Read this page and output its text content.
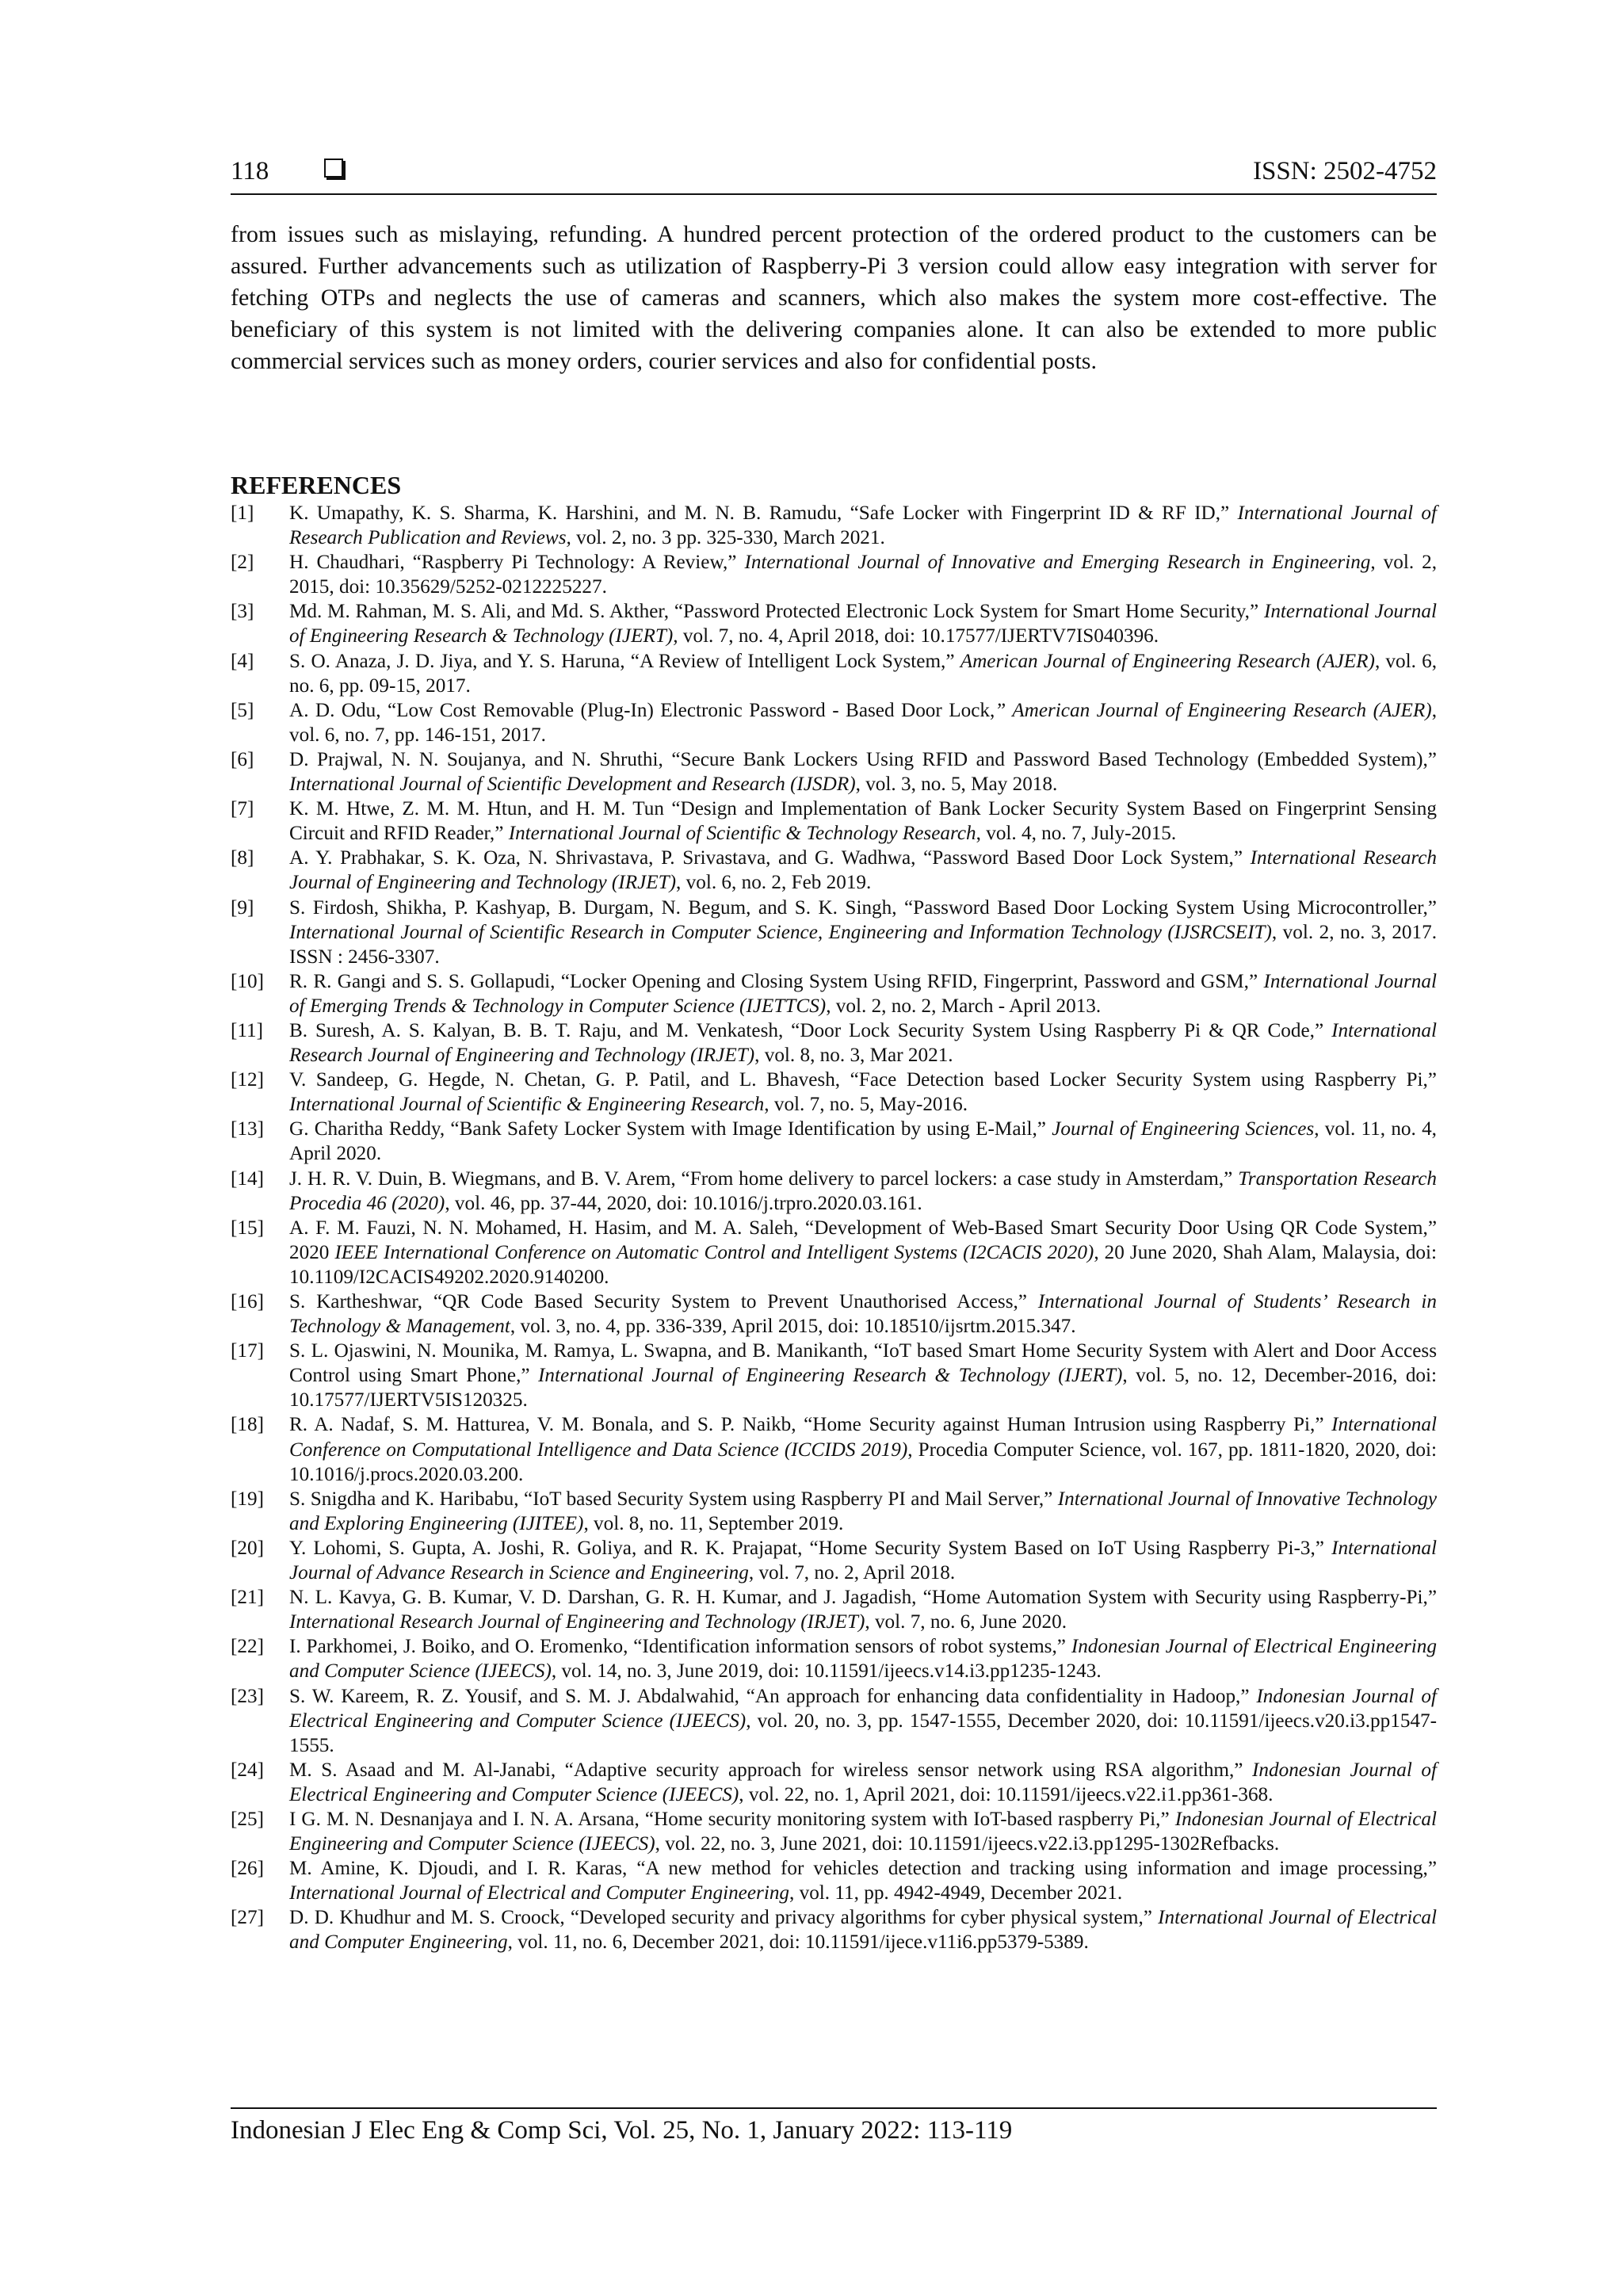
118	ISSN: 2502-4752

from issues such as mislaying, refunding. A hundred percent protection of the ordered product to the customers can be assured. Further advancements such as utilization of Raspberry-Pi 3 version could allow easy integration with server for fetching OTPs and neglects the use of cameras and scanners, which also makes the system more cost-effective. The beneficiary of this system is not limited with the delivering companies alone. It can also be extended to more public commercial services such as money orders, courier services and also for confidential posts.

REFERENCES
[1] K. Umapathy, K. S. Sharma, K. Harshini, and M. N. B. Ramudu, “Safe Locker with Fingerprint ID & RF ID,” International Journal of Research Publication and Reviews, vol. 2, no. 3 pp. 325-330, March 2021.
[2] H. Chaudhari, “Raspberry Pi Technology: A Review,” International Journal of Innovative and Emerging Research in Engineering, vol. 2, 2015, doi: 10.35629/5252-0212225227.
[3] Md. M. Rahman, M. S. Ali, and Md. S. Akther, “Password Protected Electronic Lock System for Smart Home Security,” International Journal of Engineering Research & Technology (IJERT), vol. 7, no. 4, April 2018, doi: 10.17577/IJERTV7IS040396.
[4] S. O. Anaza, J. D. Jiya, and Y. S. Haruna, “A Review of Intelligent Lock System,” American Journal of Engineering Research (AJER), vol. 6, no. 6, pp. 09-15, 2017.
[5] A. D. Odu, “Low Cost Removable (Plug-In) Electronic Password - Based Door Lock,” American Journal of Engineering Research (AJER), vol. 6, no. 7, pp. 146-151, 2017.
[6] D. Prajwal, N. N. Soujanya, and N. Shruthi, “Secure Bank Lockers Using RFID and Password Based Technology (Embedded System),” International Journal of Scientific Development and Research (IJSDR), vol. 3, no. 5, May 2018.
[7] K. M. Htwe, Z. M. M. Htun, and H. M. Tun “Design and Implementation of Bank Locker Security System Based on Fingerprint Sensing Circuit and RFID Reader,” International Journal of Scientific & Technology Research, vol. 4, no. 7, July-2015.
[8] A. Y. Prabhakar, S. K. Oza, N. Shrivastava, P. Srivastava, and G. Wadhwa, “Password Based Door Lock System,” International Research Journal of Engineering and Technology (IRJET), vol. 6, no. 2, Feb 2019.
[9] S. Firdosh, Shikha, P. Kashyap, B. Durgam, N. Begum, and S. K. Singh, “Password Based Door Locking System Using Microcontroller,” International Journal of Scientific Research in Computer Science, Engineering and Information Technology (IJSRCSEIT), vol. 2, no. 3, 2017. ISSN : 2456-3307.
[10] R. R. Gangi and S. S. Gollapudi, “Locker Opening and Closing System Using RFID, Fingerprint, Password and GSM,” International Journal of Emerging Trends & Technology in Computer Science (IJETTCS), vol. 2, no. 2, March - April 2013.
[11] B. Suresh, A. S. Kalyan, B. B. T. Raju, and M. Venkatesh, “Door Lock Security System Using Raspberry Pi & QR Code,” International Research Journal of Engineering and Technology (IRJET), vol. 8, no. 3, Mar 2021.
[12] V. Sandeep, G. Hegde, N. Chetan, G. P. Patil, and L. Bhavesh, “Face Detection based Locker Security System using Raspberry Pi,” International Journal of Scientific & Engineering Research, vol. 7, no. 5, May-2016.
[13] G. Charitha Reddy, “Bank Safety Locker System with Image Identification by using E-Mail,” Journal of Engineering Sciences, vol. 11, no. 4, April 2020.
[14] J. H. R. V. Duin, B. Wiegmans, and B. V. Arem, “From home delivery to parcel lockers: a case study in Amsterdam,” Transportation Research Procedia 46 (2020), vol. 46, pp. 37-44, 2020, doi: 10.1016/j.trpro.2020.03.161.
[15] A. F. M. Fauzi, N. N. Mohamed, H. Hasim, and M. A. Saleh, “Development of Web-Based Smart Security Door Using QR Code System,” 2020 IEEE International Conference on Automatic Control and Intelligent Systems (I2CACIS 2020), 20 June 2020, Shah Alam, Malaysia, doi: 10.1109/I2CACIS49202.2020.9140200.
[16] S. Kartheshwar, “QR Code Based Security System to Prevent Unauthorised Access,” International Journal of Students’ Research in Technology & Management, vol. 3, no. 4, pp. 336-339, April 2015, doi: 10.18510/ijsrtm.2015.347.
[17] S. L. Ojaswini, N. Mounika, M. Ramya, L. Swapna, and B. Manikanth, “IoT based Smart Home Security System with Alert and Door Access Control using Smart Phone,” International Journal of Engineering Research & Technology (IJERT), vol. 5, no. 12, December-2016, doi: 10.17577/IJERTV5IS120325.
[18] R. A. Nadaf, S. M. Hatturea, V. M. Bonala, and S. P. Naikb, “Home Security against Human Intrusion using Raspberry Pi,” International Conference on Computational Intelligence and Data Science (ICCIDS 2019), Procedia Computer Science, vol. 167, pp. 1811-1820, 2020, doi: 10.1016/j.procs.2020.03.200.
[19] S. Snigdha and K. Haribabu, “IoT based Security System using Raspberry PI and Mail Server,” International Journal of Innovative Technology and Exploring Engineering (IJITEE), vol. 8, no. 11, September 2019.
[20] Y. Lohomi, S. Gupta, A. Joshi, R. Goliya, and R. K. Prajapat, “Home Security System Based on IoT Using Raspberry Pi-3,” International Journal of Advance Research in Science and Engineering, vol. 7, no. 2, April 2018.
[21] N. L. Kavya, G. B. Kumar, V. D. Darshan, G. R. H. Kumar, and J. Jagadish, “Home Automation System with Security using Raspberry-Pi,” International Research Journal of Engineering and Technology (IRJET), vol. 7, no. 6, June 2020.
[22] I. Parkhomei, J. Boiko, and O. Eromenko, “Identification information sensors of robot systems,” Indonesian Journal of Electrical Engineering and Computer Science (IJEECS), vol. 14, no. 3, June 2019, doi: 10.11591/ijeecs.v14.i3.pp1235-1243.
[23] S. W. Kareem, R. Z. Yousif, and S. M. J. Abdalwahid, “An approach for enhancing data confidentiality in Hadoop,” Indonesian Journal of Electrical Engineering and Computer Science (IJEECS), vol. 20, no. 3, pp. 1547-1555, December 2020, doi: 10.11591/ijeecs.v20.i3.pp1547-1555.
[24] M. S. Asaad and M. Al-Janabi, “Adaptive security approach for wireless sensor network using RSA algorithm,” Indonesian Journal of Electrical Engineering and Computer Science (IJEECS), vol. 22, no. 1, April 2021, doi: 10.11591/ijeecs.v22.i1.pp361-368.
[25] I G. M. N. Desnanjaya and I. N. A. Arsana, “Home security monitoring system with IoT-based raspberry Pi,” Indonesian Journal of Electrical Engineering and Computer Science (IJEECS), vol. 22, no. 3, June 2021, doi: 10.11591/ijeecs.v22.i3.pp1295-1302Refbacks.
[26] M. Amine, K. Djoudi, and I. R. Karas, “A new method for vehicles detection and tracking using information and image processing,” International Journal of Electrical and Computer Engineering, vol. 11, pp. 4942-4949, December 2021.
[27] D. D. Khudhur and M. S. Croock, “Developed security and privacy algorithms for cyber physical system,” International Journal of Electrical and Computer Engineering, vol. 11, no. 6, December 2021, doi: 10.11591/ijece.v11i6.pp5379-5389.
Indonesian J Elec Eng & Comp Sci, Vol. 25, No. 1, January 2022: 113-119
